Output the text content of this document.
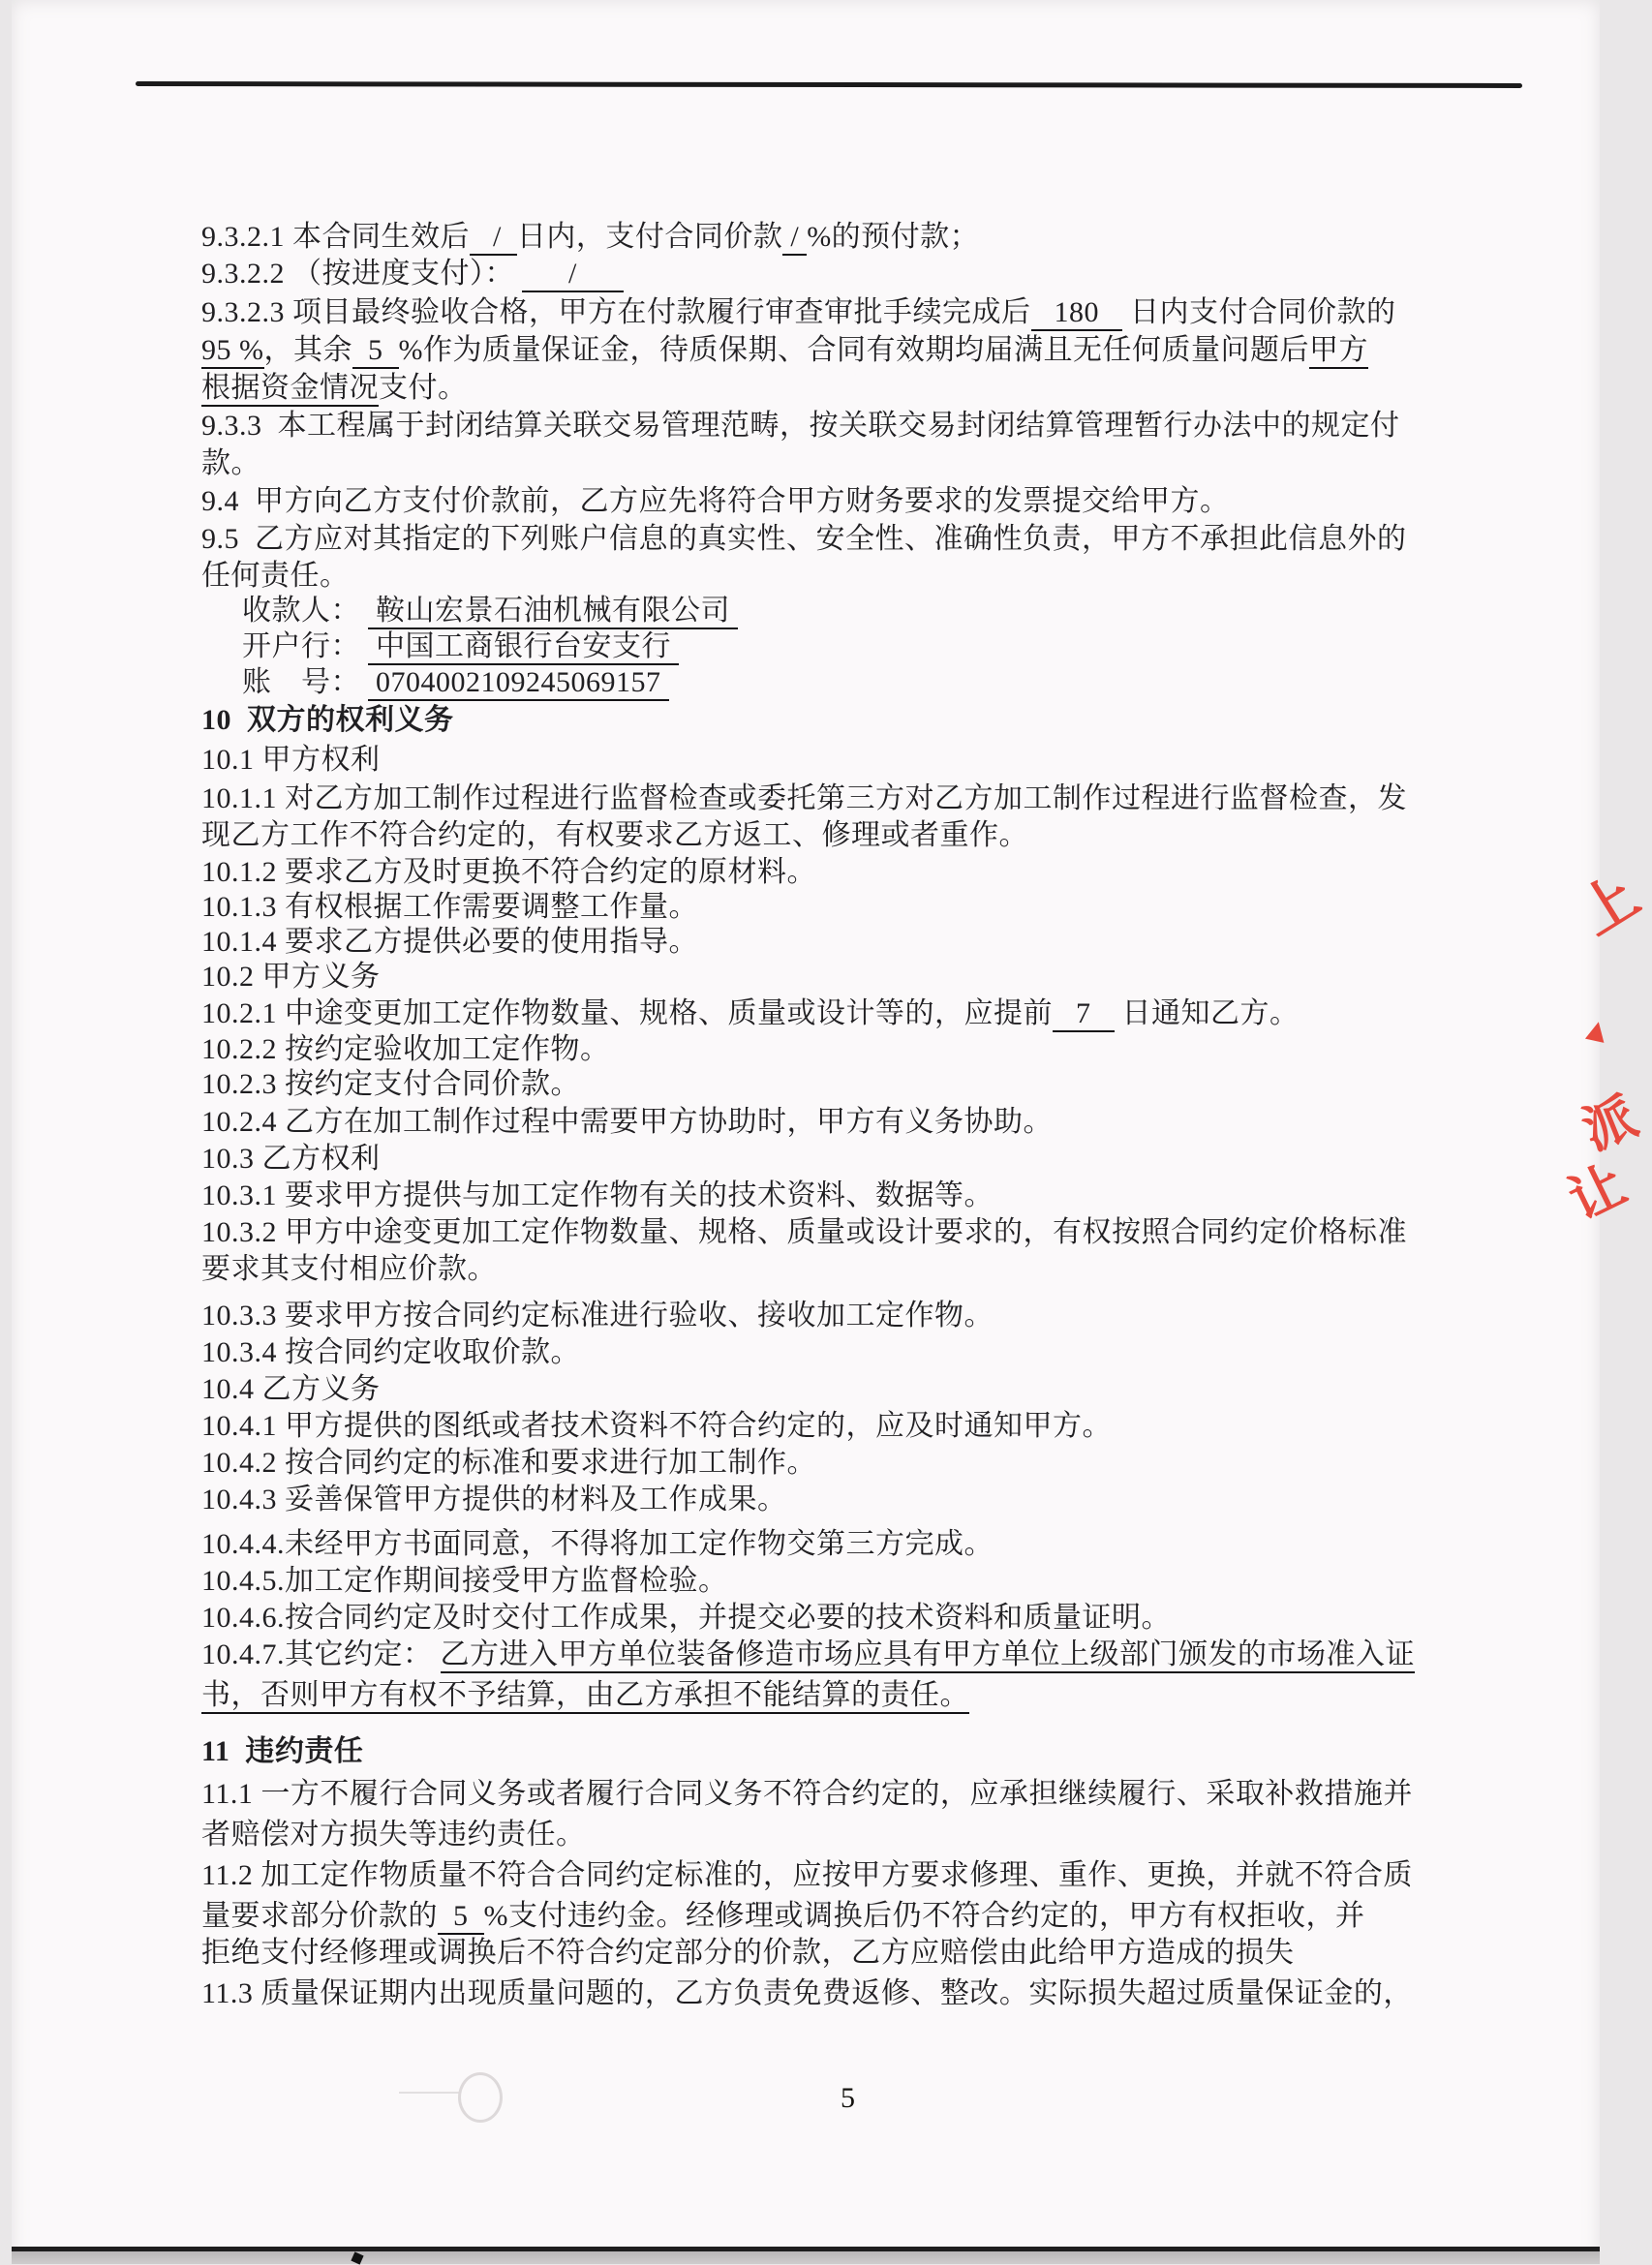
9.3.2.1 本合同生效后   /  日内，支付合同价款 / %的预付款；
9.3.2.2 （按进度支付）：       /
9.3.2.3 项目最终验收合格，甲方在付款履行审查审批手续完成后   180    日内支付合同价款的
95 %，其余  5  %作为质量保证金，待质保期、合同有效期均届满且无任何质量问题后甲方
根据资金情况支付。
9.3.3  本工程属于封闭结算关联交易管理范畴，按关联交易封闭结算管理暂行办法中的规定付
款。
9.4  甲方向乙方支付价款前，乙方应先将符合甲方财务要求的发票提交给甲方。
9.5  乙方应对其指定的下列账户信息的真实性、安全性、准确性负责，甲方不承担此信息外的
任何责任。
收款人：  鞍山宏景石油机械有限公司
开户行：  中国工商银行台安支行
账　号：  0704002109245069157
10  双方的权利义务
10.1 甲方权利
10.1.1 对乙方加工制作过程进行监督检查或委托第三方对乙方加工制作过程进行监督检查，发
现乙方工作不符合约定的，有权要求乙方返工、修理或者重作。
10.1.2 要求乙方及时更换不符合约定的原材料。
10.1.3 有权根据工作需要调整工作量。
10.1.4 要求乙方提供必要的使用指导。
10.2 甲方义务
10.2.1 中途变更加工定作物数量、规格、质量或设计等的，应提前   7    日通知乙方。
10.2.2 按约定验收加工定作物。
10.2.3 按约定支付合同价款。
10.2.4 乙方在加工制作过程中需要甲方协助时，甲方有义务协助。
10.3 乙方权利
10.3.1 要求甲方提供与加工定作物有关的技术资料、数据等。
10.3.2 甲方中途变更加工定作物数量、规格、质量或设计要求的，有权按照合同约定价格标准
要求其支付相应价款。
10.3.3 要求甲方按合同约定标准进行验收、接收加工定作物。
10.3.4 按合同约定收取价款。
10.4 乙方义务
10.4.1 甲方提供的图纸或者技术资料不符合约定的，应及时通知甲方。
10.4.2 按合同约定的标准和要求进行加工制作。
10.4.3 妥善保管甲方提供的材料及工作成果。
10.4.4.未经甲方书面同意，不得将加工定作物交第三方完成。
10.4.5.加工定作期间接受甲方监督检验。
10.4.6.按合同约定及时交付工作成果，并提交必要的技术资料和质量证明。
10.4.7.其它约定： 乙方进入甲方单位装备修造市场应具有甲方单位上级部门颁发的市场准入证
书，否则甲方有权不予结算，由乙方承担不能结算的责任。
11  违约责任
11.1 一方不履行合同义务或者履行合同义务不符合约定的，应承担继续履行、采取补救措施并
者赔偿对方损失等违约责任。
11.2 加工定作物质量不符合合同约定标准的，应按甲方要求修理、重作、更换，并就不符合质
量要求部分价款的  5  %支付违约金。经修理或调换后仍不符合约定的，甲方有权拒收，并
拒绝支付经修理或调换后不符合约定部分的价款，乙方应赔偿由此给甲方造成的损失
11.3 质量保证期内出现质量问题的，乙方负责免费返修、整改。实际损失超过质量保证金的，
上
▲
派
让
5
